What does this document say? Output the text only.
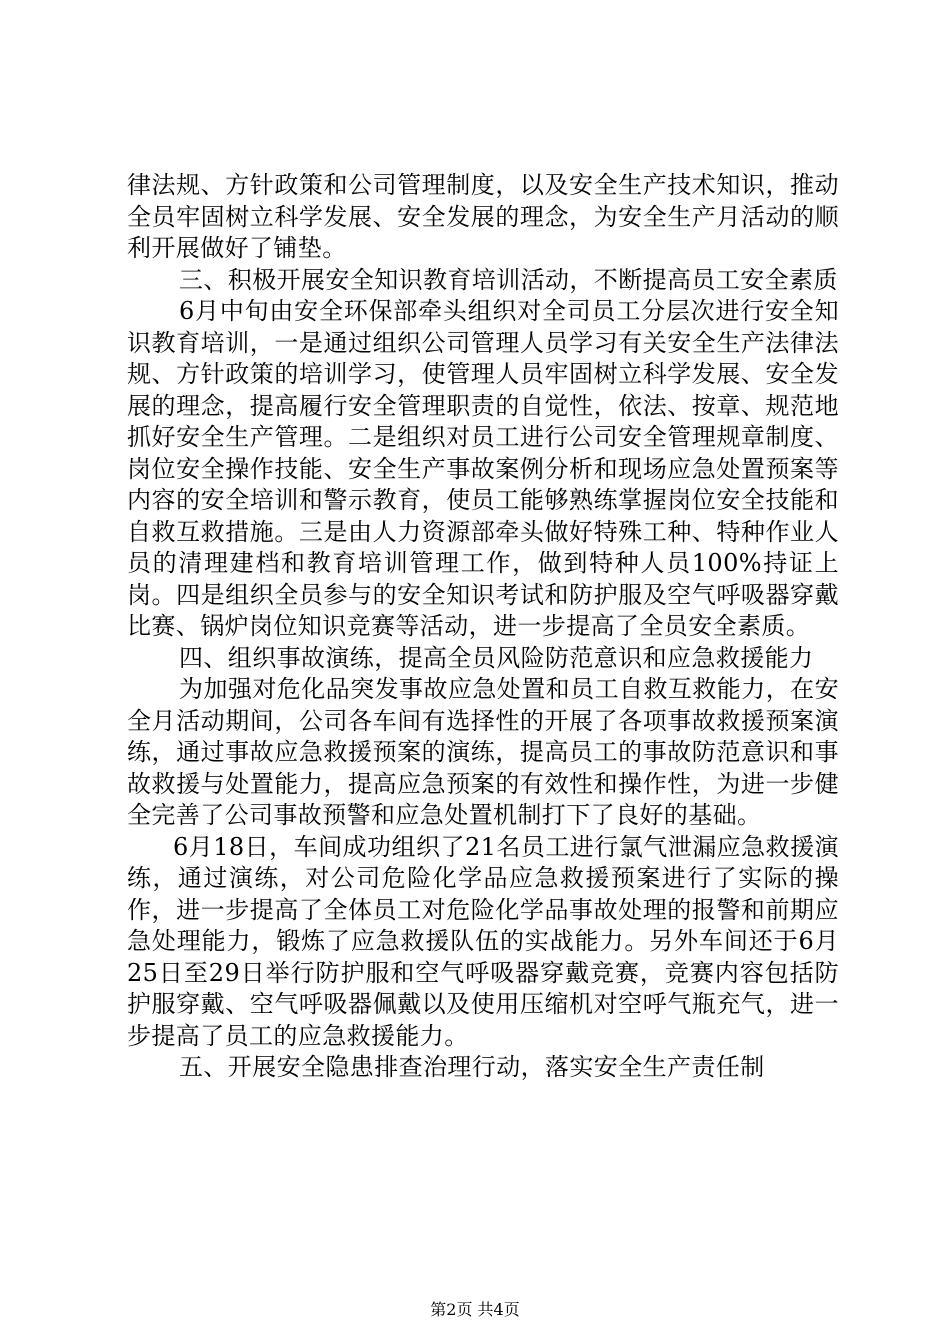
律法规、方针政策和公司管理制度，以及安全生产技术知识，推动全员牢固树立科学发展、安全发展的理念，为安全生产月活动的顺利开展做好了铺垫。

三、积极开展安全知识教育培训活动，不断提高员工安全素质

6月中旬由安全环保部牵头组织对全司员工分层次进行安全知识教育培训，一是通过组织公司管理人员学习有关安全生产法律法规、方针政策的培训学习，使管理人员牢固树立科学发展、安全发展的理念，提高履行安全管理职责的自觉性，依法、按章、规范地抓好安全生产管理。二是组织对员工进行公司安全管理规章制度、岗位安全操作技能、安全生产事故案例分析和现场应急处置预案等内容的安全培训和警示教育，使员工能够熟练掌握岗位安全技能和自救互救措施。三是由人力资源部牵头做好特殊工种、特种作业人员的清理建档和教育培训管理工作，做到特种人员100%持证上岗。四是组织全员参与的安全知识考试和防护服及空气呼吸器穿戴比赛、锅炉岗位知识竞赛等活动，进一步提高了全员安全素质。

四、组织事故演练，提高全员风险防范意识和应急救援能力

为加强对危化品突发事故应急处置和员工自救互救能力，在安全月活动期间，公司各车间有选择性的开展了各项事故救援预案演练，通过事故应急救援预案的演练，提高员工的事故防范意识和事故救援与处置能力，提高应急预案的有效性和操作性，为进一步健全完善了公司事故预警和应急处置机制打下了良好的基础。

6月18日，车间成功组织了21名员工进行氯气泄漏应急救援演练，通过演练，对公司危险化学品应急救援预案进行了实际的操作，进一步提高了全体员工对危险化学品事故处理的报警和前期应急处理能力，锻炼了应急救援队伍的实战能力。另外车间还于6月25日至29日举行防护服和空气呼吸器穿戴竞赛，竞赛内容包括防护服穿戴、空气呼吸器佩戴以及使用压缩机对空呼气瓶充气，进一步提高了员工的应急救援能力。

五、开展安全隐患排查治理行动，落实安全生产责任制

第2页 共4页
